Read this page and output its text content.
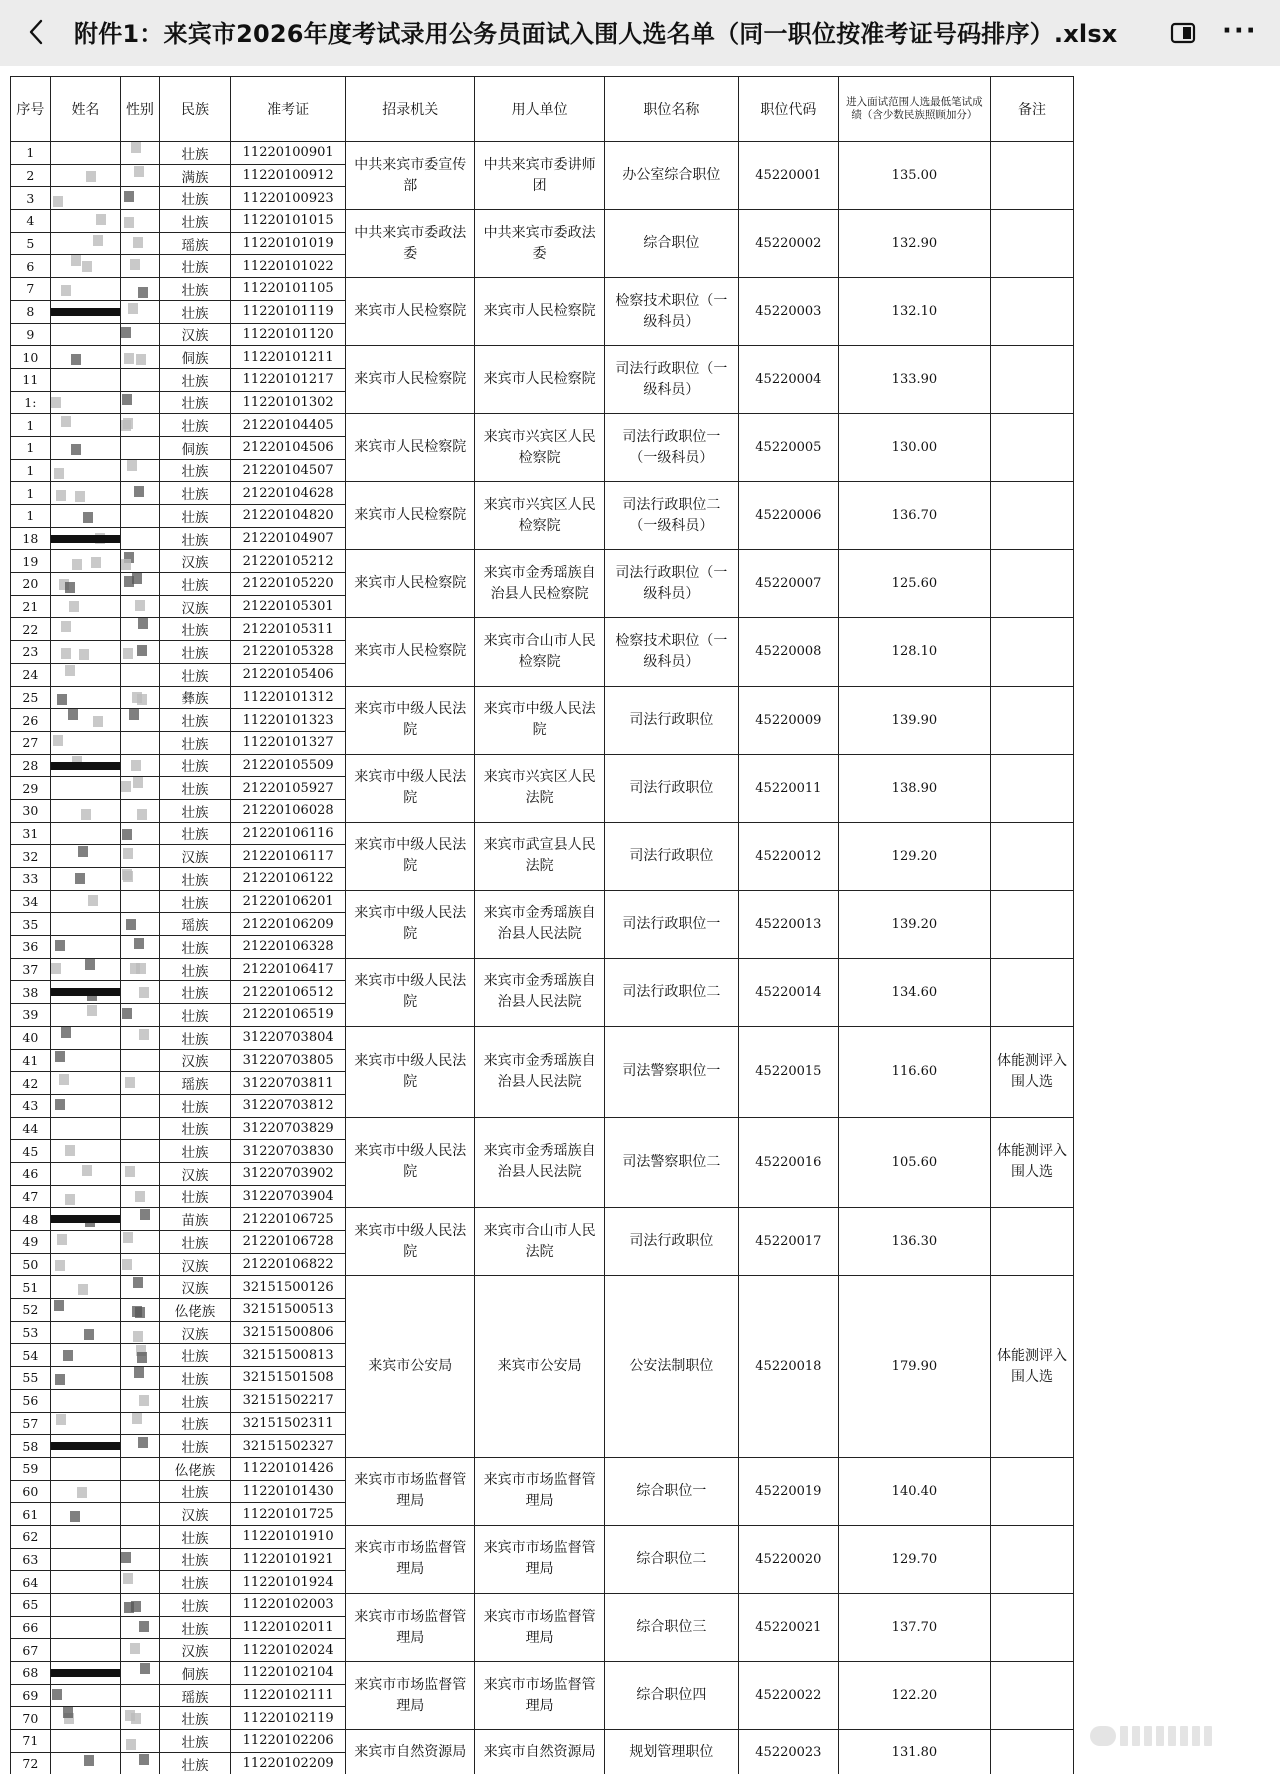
附件1：来宾市2026年度考试录用公务员面试入围人选名单（同一职位按准考证号码排序）.xlsx	···
序号	姓名	性别	民族	准考证	招录机关	用人单位	职位名称	职位代码	进入面试范围人选最低笔试成绩（含少数民族照顾加分）	备注
1			壮族	11220100901	中共来宾市委宣传部	中共来宾市委讲师团	办公室综合职位	45220001	135.00	
2			满族	11220100912						
3			壮族	11220100923						
4			壮族	11220101015	中共来宾市委政法委	中共来宾市委政法委	综合职位	45220002	132.90	
5			瑶族	11220101019						
6			壮族	11220101022						
7			壮族	11220101105	来宾市人民检察院	来宾市人民检察院	检察技术职位（一级科员）	45220003	132.10	
8			壮族	11220101119						
9			汉族	11220101120						
10			侗族	11220101211	来宾市人民检察院	来宾市人民检察院	司法行政职位（一级科员）	45220004	133.90	
11			壮族	11220101217						
1:			壮族	11220101302						
1			壮族	21220104405	来宾市人民检察院	来宾市兴宾区人民检察院	司法行政职位一（一级科员）	45220005	130.00	
1			侗族	21220104506						
1			壮族	21220104507						
1			壮族	21220104628	来宾市人民检察院	来宾市兴宾区人民检察院	司法行政职位二（一级科员）	45220006	136.70	
1			壮族	21220104820						
18			壮族	21220104907						
19			汉族	21220105212	来宾市人民检察院	来宾市金秀瑶族自治县人民检察院	司法行政职位（一级科员）	45220007	125.60	
20			壮族	21220105220						
21			汉族	21220105301						
22			壮族	21220105311	来宾市人民检察院	来宾市合山市人民检察院	检察技术职位（一级科员）	45220008	128.10	
23			壮族	21220105328						
24			壮族	21220105406						
25			彝族	11220101312	来宾市中级人民法院	来宾市中级人民法院	司法行政职位	45220009	139.90	
26			壮族	11220101323						
27			壮族	11220101327						
28			壮族	21220105509	来宾市中级人民法院	来宾市兴宾区人民法院	司法行政职位	45220011	138.90	
29			壮族	21220105927						
30			壮族	21220106028						
31			壮族	21220106116	来宾市中级人民法院	来宾市武宣县人民法院	司法行政职位	45220012	129.20	
32			汉族	21220106117						
33			壮族	21220106122						
34			壮族	21220106201	来宾市中级人民法院	来宾市金秀瑶族自治县人民法院	司法行政职位一	45220013	139.20	
35			瑶族	21220106209						
36			壮族	21220106328						
37			壮族	21220106417	来宾市中级人民法院	来宾市金秀瑶族自治县人民法院	司法行政职位二	45220014	134.60	
38			壮族	21220106512						
39			壮族	21220106519						
40			壮族	31220703804	来宾市中级人民法院	来宾市金秀瑶族自治县人民法院	司法警察职位一	45220015	116.60	体能测评入围人选
41			汉族	31220703805						
42			瑶族	31220703811						
43			壮族	31220703812						
44			壮族	31220703829	来宾市中级人民法院	来宾市金秀瑶族自治县人民法院	司法警察职位二	45220016	105.60	体能测评入围人选
45			壮族	31220703830						
46			汉族	31220703902						
47			壮族	31220703904						
48			苗族	21220106725	来宾市中级人民法院	来宾市合山市人民法院	司法行政职位	45220017	136.30	
49			壮族	21220106728						
50			汉族	21220106822						
51			汉族	32151500126	来宾市公安局	来宾市公安局	公安法制职位	45220018	179.90	体能测评入围人选
52			仫佬族	32151500513						
53			汉族	32151500806						
54			壮族	32151500813						
55			壮族	32151501508						
56			壮族	32151502217						
57			壮族	32151502311						
58			壮族	32151502327						
59			仫佬族	11220101426	来宾市市场监督管理局	来宾市市场监督管理局	综合职位一	45220019	140.40	
60			壮族	11220101430						
61			汉族	11220101725						
62			壮族	11220101910	来宾市市场监督管理局	来宾市市场监督管理局	综合职位二	45220020	129.70	
63			壮族	11220101921						
64			壮族	11220101924						
65			壮族	11220102003	来宾市市场监督管理局	来宾市市场监督管理局	综合职位三	45220021	137.70	
66			壮族	11220102011						
67			汉族	11220102024						
68			侗族	11220102104	来宾市市场监督管理局	来宾市市场监督管理局	综合职位四	45220022	122.20	
69			瑶族	11220102111						
70			壮族	11220102119						
71			壮族	11220102206	来宾市自然资源局	来宾市自然资源局	规划管理职位	45220023	131.80	
72			壮族	11220102209						
